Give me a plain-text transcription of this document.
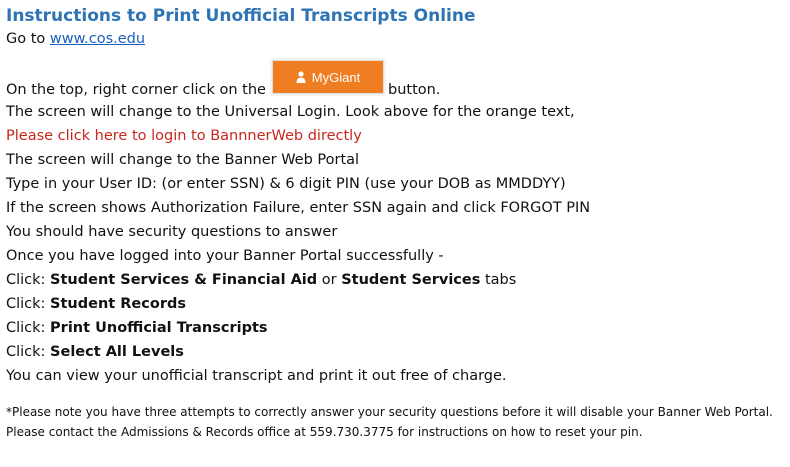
Instructions to Print Unofficial Transcripts Online
Go to www.cos.edu
On the top, right corner click on the
MyGiant
button.
The screen will change to the Universal Login. Look above for the orange text,
Please click here to login to BannnerWeb directly
The screen will change to the Banner Web Portal
Type in your User ID: (or enter SSN) & 6 digit PIN (use your DOB as MMDDYY)
If the screen shows Authorization Failure, enter SSN again and click FORGOT PIN
You should have security questions to answer
Once you have logged into your Banner Portal successfully -
Click: Student Services & Financial Aid or Student Services tabs
Click: Student Records
Click: Print Unofficial Transcripts
Click: Select All Levels
You can view your unofficial transcript and print it out free of charge.
*Please note you have three attempts to correctly answer your security questions before it will disable your Banner Web Portal.
Please contact the Admissions & Records office at 559.730.3775 for instructions on how to reset your pin.
